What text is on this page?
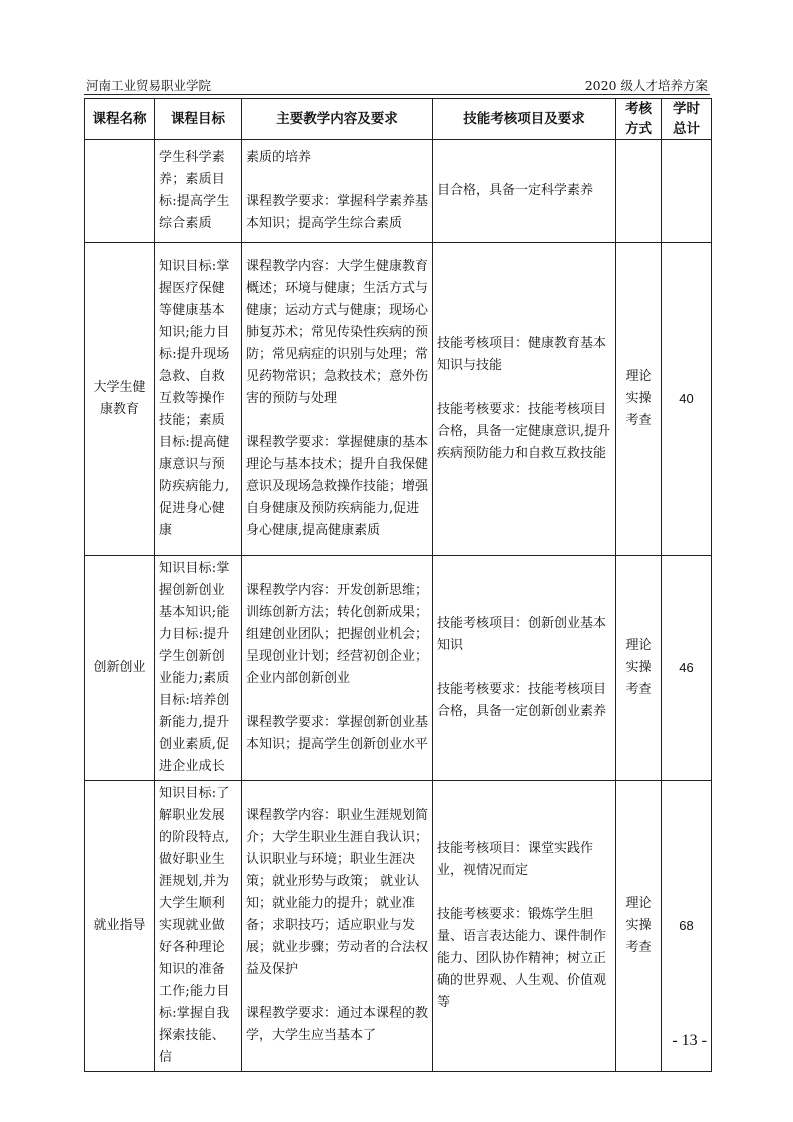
河南工业贸易职业学院	2020 级人才培养方案
课程名称	课程目标	主要教学内容及要求	技能考核项目及要求	考核
方式	学时
总计

	学生科学素养；素质目标:提高学生综合素质	素质的培养
课程教学要求：掌握科学素养基本知识；提高学生综合素质	目合格，具备一定科学素养		

大学生健康教育	知识目标:掌握医疗保健等健康基本知识;能力目标:提升现场急救、自救互救等操作技能；素质目标:提高健康意识与预防疾病能力,促进身心健康	课程教学内容：大学生健康教育概述；环境与健康；生活方式与健康；运动方式与健康；现场心肺复苏术；常见传染性疾病的预防；常见病症的识别与处理；常见药物常识；急救技术；意外伤害的预防与处理
课程教学要求：掌握健康的基本理论与基本技术；提升自我保健意识及现场急救操作技能；增强自身健康及预防疾病能力,促进身心健康,提高健康素质	技能考核项目：健康教育基本知识与技能
技能考核要求：技能考核项目合格，具备一定健康意识,提升疾病预防能力和自救互救技能	理论实操考查	40
创新创业	知识目标:掌握创新创业基本知识;能力目标:提升学生创新创业能力;素质目标:培养创新能力,提升创业素质,促进企业成长	课程教学内容：开发创新思维；训练创新方法；转化创新成果；组建创业团队；把握创业机会；呈现创业计划；经营初创企业；企业内部创新创业
课程教学要求：掌握创新创业基本知识；提高学生创新创业水平	技能考核项目：创新创业基本知识
技能考核要求：技能考核项目合格，具备一定创新创业素养	理论实操考查	46
就业指导	知识目标:了解职业发展的阶段特点,做好职业生涯规划,并为大学生顺利实现就业做好各种理论知识的准备工作;能力目标:掌握自我探索技能、信	课程教学内容：职业生涯规划简介；大学生职业生涯自我认识；认识职业与环境；职业生涯决策；就业形势与政策； 就业认知；就业能力的提升；就业准备；求职技巧；适应职业与发展；就业步骤；劳动者的合法权益及保护
课程教学要求：通过本课程的教学，大学生应当基本了	技能考核项目：课堂实践作业，视情况而定
技能考核要求：锻炼学生胆量、语言表达能力、课件制作能力、团队协作精神；树立正确的世界观、人生观、价值观等	理论实操考查	68
- 13 -
